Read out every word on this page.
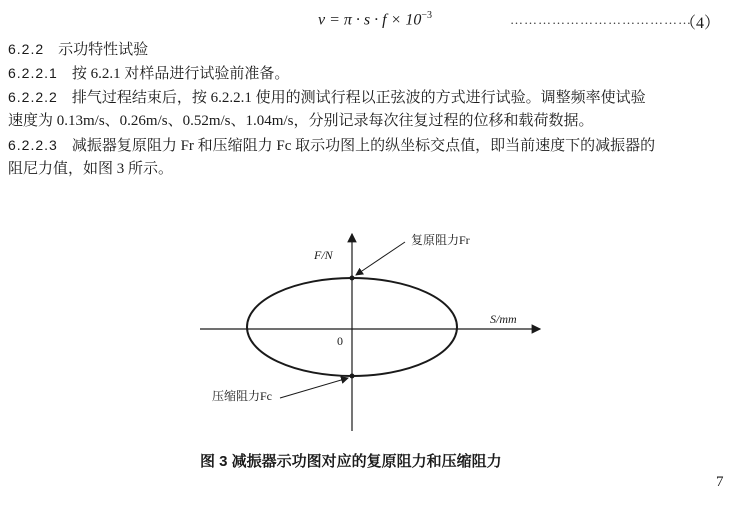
$v = \pi \cdot s \cdot f \times 10^{-3}$	…………………………………
（4）
6.2.2 示功特性试验
6.2.2.1 按 6.2.1 对样品进行试验前准备。
6.2.2.2 排气过程结束后，按 6.2.2.1 使用的测试行程以正弦波的方式进行试验。调整频率使试验
速度为 0.13m/s、0.26m/s、0.52m/s、1.04m/s，分别记录每次往复过程的位移和载荷数据。
6.2.2.3 减振器复原阻力 Fr 和压缩阻力 Fc 取示功图上的纵坐标交点值，即当前速度下的减振器的
阻尼力值，如图 3 所示。
F/N
S/mm
0
复原阻力Fr
压缩阻力Fc
图 3 减振器示功图对应的复原阻力和压缩阻力
7
